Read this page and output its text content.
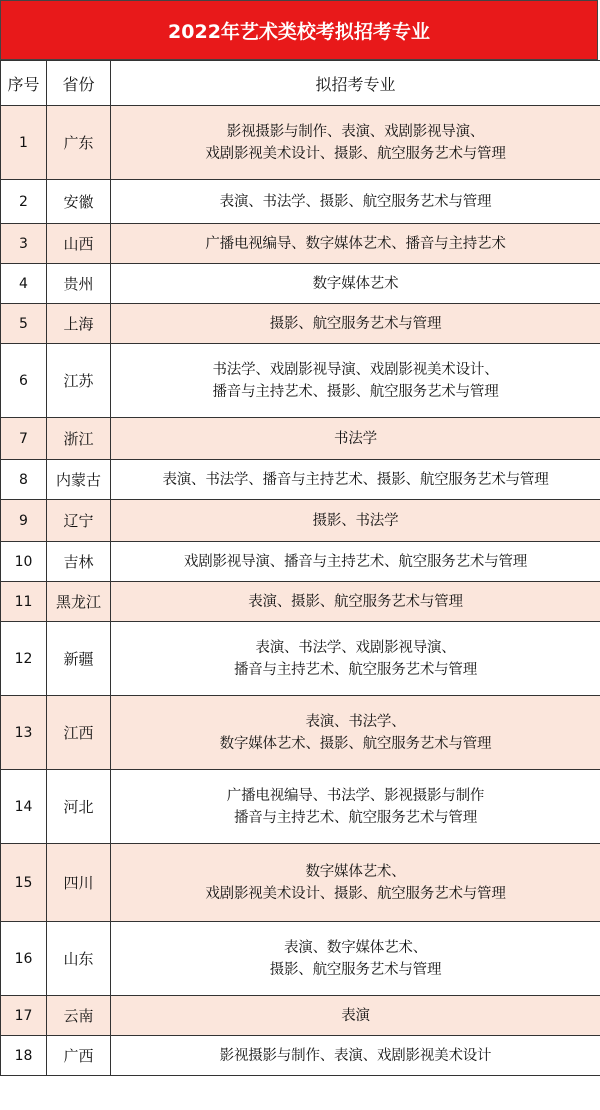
2022年艺术类校考拟招考专业
序号	省份	拟招考专业
1	广东	影视摄影与制作、表演、戏剧影视导演、
戏剧影视美术设计、摄影、航空服务艺术与管理

2	安徽	表演、书法学、摄影、航空服务艺术与管理

3	山西	广播电视编导、数字媒体艺术、播音与主持艺术

4	贵州	数字媒体艺术

5	上海	摄影、航空服务艺术与管理

6	江苏	书法学、戏剧影视导演、戏剧影视美术设计、
播音与主持艺术、摄影、航空服务艺术与管理

7	浙江	书法学

8	内蒙古	表演、书法学、播音与主持艺术、摄影、航空服务艺术与管理

9	辽宁	摄影、书法学

10	吉林	戏剧影视导演、播音与主持艺术、航空服务艺术与管理

11	黑龙江	表演、摄影、航空服务艺术与管理

12	新疆	表演、书法学、戏剧影视导演、
播音与主持艺术、航空服务艺术与管理

13	江西	表演、书法学、
数字媒体艺术、摄影、航空服务艺术与管理

14	河北	广播电视编导、书法学、影视摄影与制作
播音与主持艺术、航空服务艺术与管理

15	四川	数字媒体艺术、
戏剧影视美术设计、摄影、航空服务艺术与管理

16	山东	表演、数字媒体艺术、
摄影、航空服务艺术与管理

17	云南	表演

18	广西	影视摄影与制作、表演、戏剧影视美术设计
